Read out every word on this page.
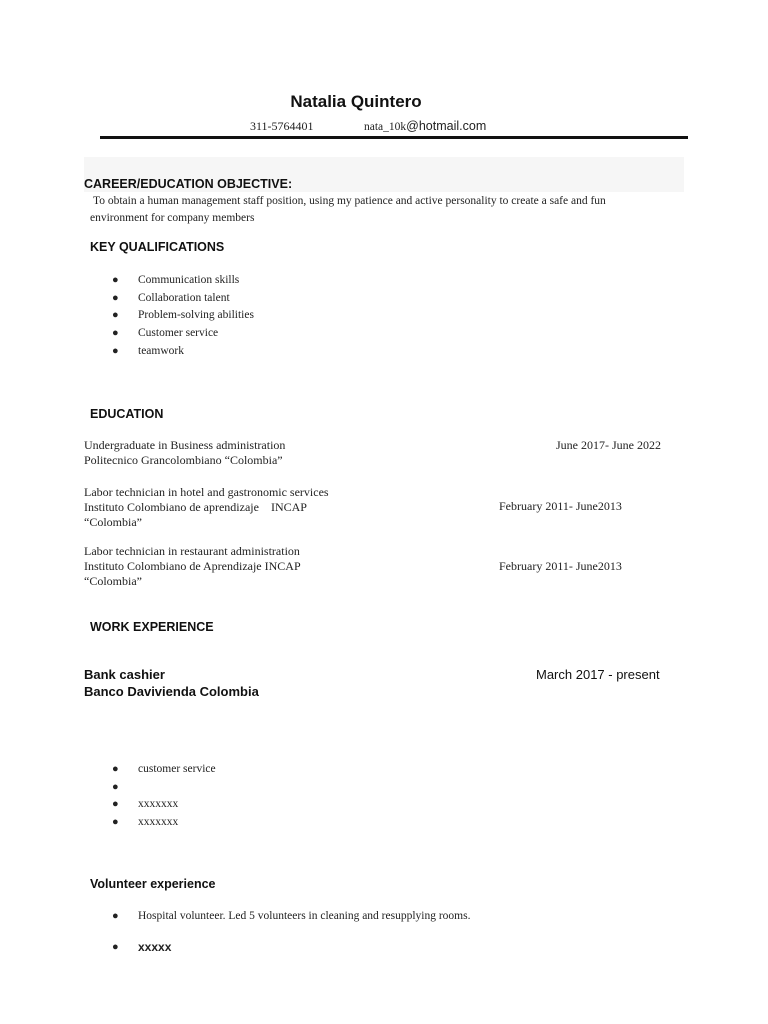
Natalia Quintero
311-5764401	nata_10k@hotmail.com
CAREER/EDUCATION OBJECTIVE:
To obtain a human management staff position, using my patience and active personality to create a safe and fun
environment for company members
KEY QUALIFICATIONS
● Communication skills
● Collaboration talent
● Problem-solving abilities
● Customer service
● teamwork
EDUCATION
Undergraduate in Business administration
Politecnico Grancolombiano “Colombia”
June 2017- June 2022
Labor technician in hotel and gastronomic services
Instituto Colombiano de aprendizaje    INCAP
“Colombia”
February 2011- June2013
Labor technician in restaurant administration
Instituto Colombiano de Aprendizaje INCAP
“Colombia”
February 2011- June2013
WORK EXPERIENCE
Bank cashier
Banco Davivienda Colombia
March 2017 - present
● customer service
●
● xxxxxxx
● xxxxxxx
Volunteer experience
● Hospital volunteer. Led 5 volunteers in cleaning and resupplying rooms.
● xxxxx
